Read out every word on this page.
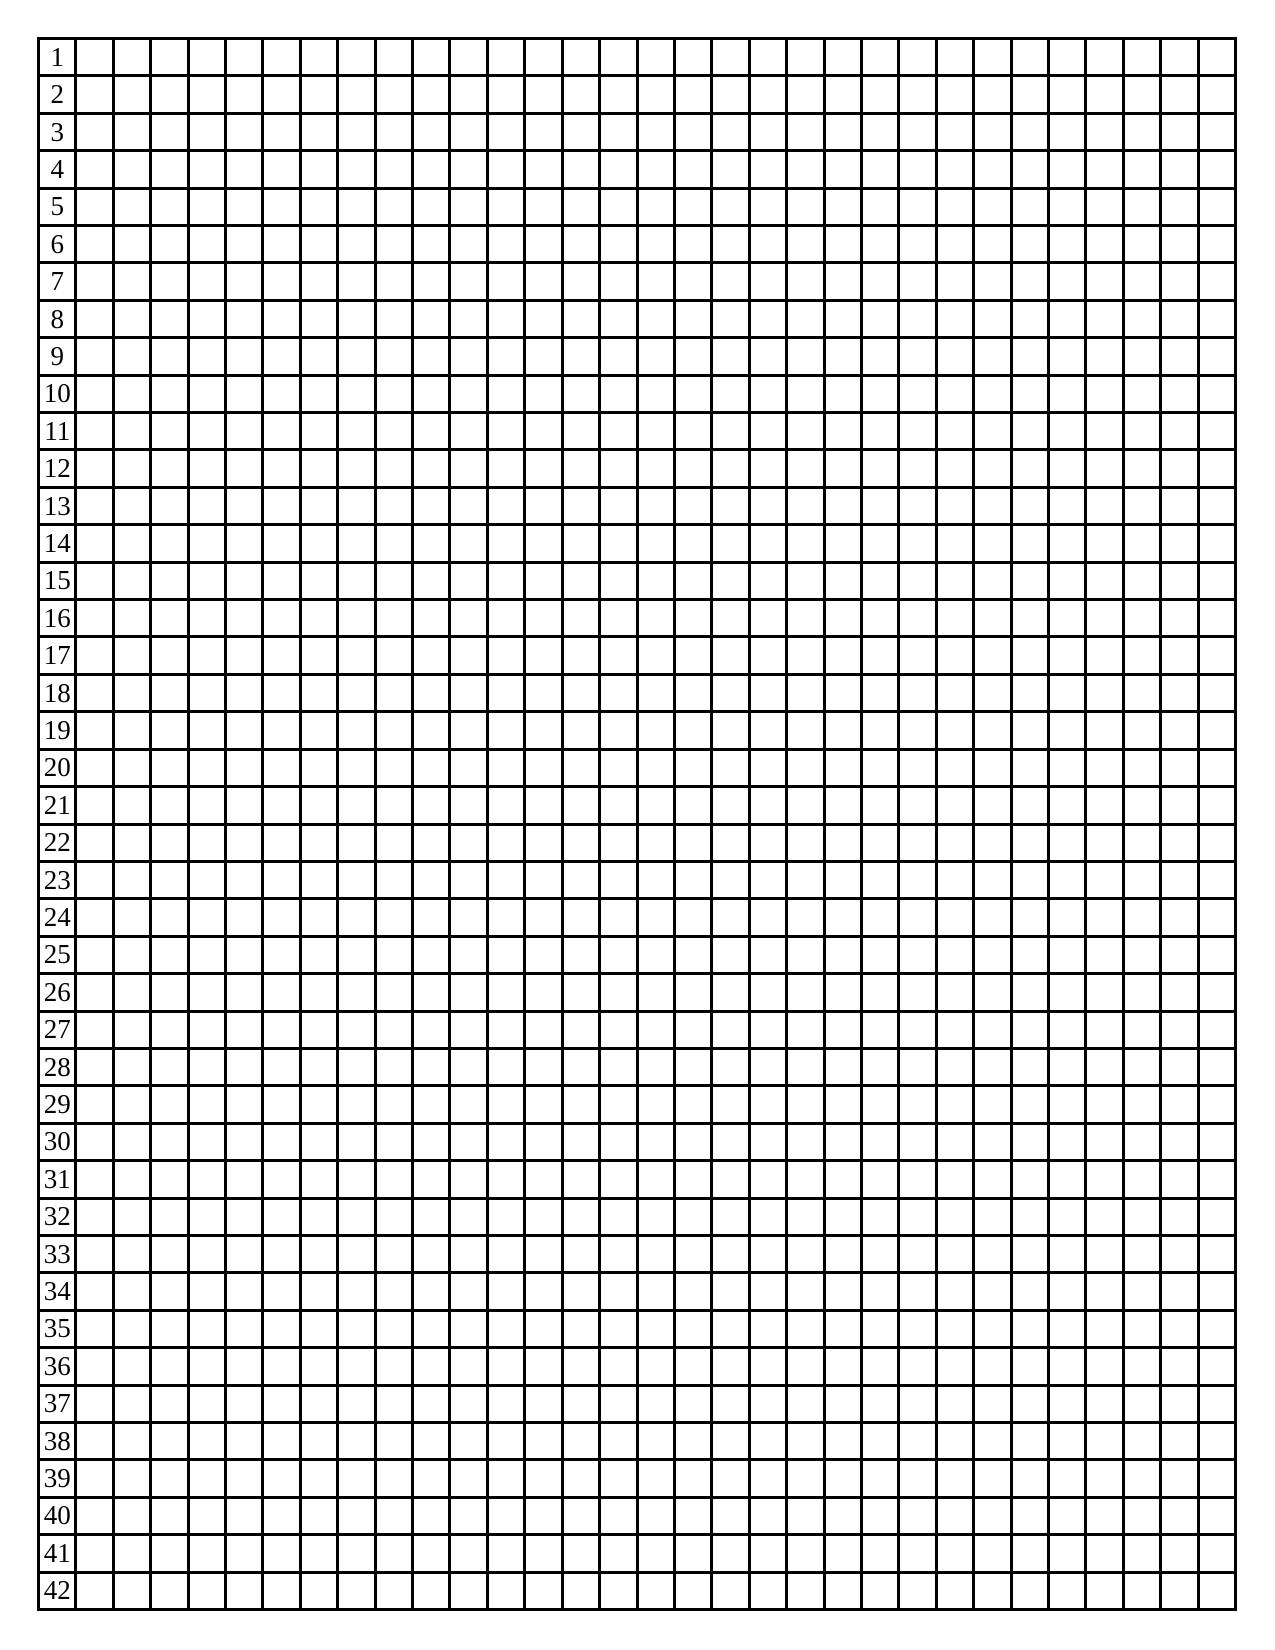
1
2
3
4
5
6
7
8
9
10
11
12
13
14
15
16
17
18
19
20
21
22
23
24
25
26
27
28
29
30
31
32
33
34
35
36
37
38
39
40
41
42
